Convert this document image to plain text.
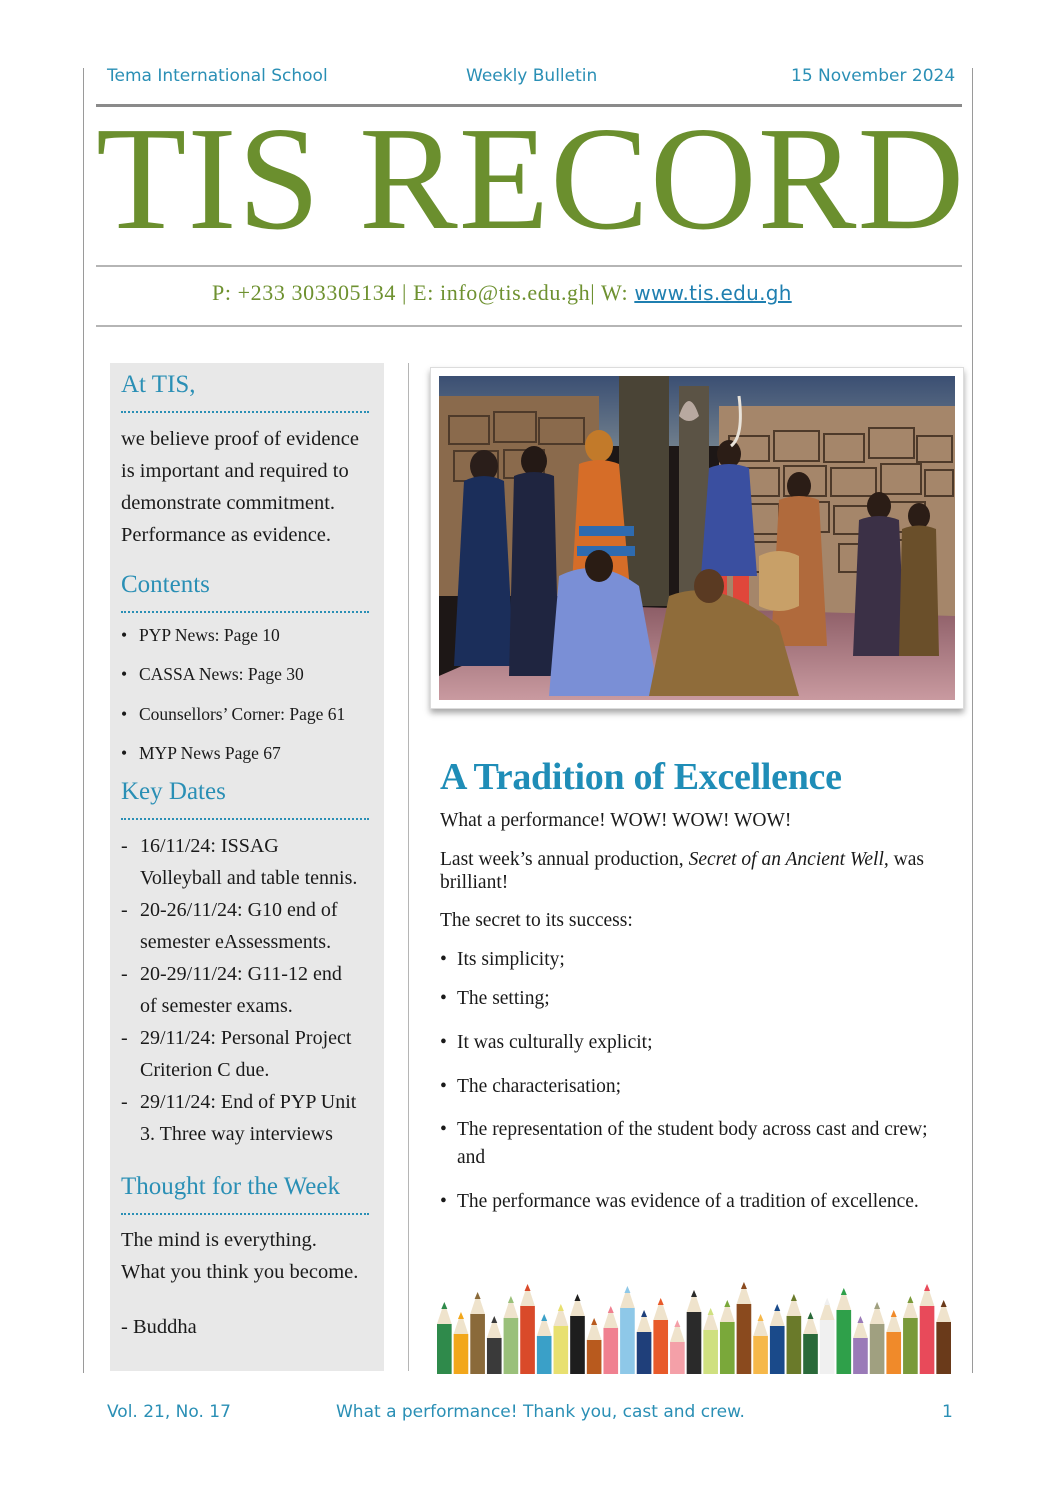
Tema International School	Weekly Bulletin	15 November 2024
TIS RECORD
P: +233 303305134 | E: info@tis.edu.gh| W: www.tis.edu.gh
At TIS,
we believe proof of evidence
is important and required to
demonstrate commitment.
Performance as evidence.
Contents
• PYP News: Page 10
• CASSA News: Page 30
• Counsellors’ Corner: Page 61
• MYP News Page 67
Key Dates
- 16/11/24: ISSAG
Volleyball and table tennis.
- 20-26/11/24: G10 end of
semester eAssessments.
- 20-29/11/24: G11-12 end
of semester exams.
- 29/11/24: Personal Project
Criterion C due.
- 29/11/24: End of PYP Unit
3. Three way interviews
Thought for the Week
The mind is everything.
What you think you become.
- Buddha
A Tradition of Excellence
What a performance! WOW! WOW! WOW!
Last week’s annual production, Secret of an Ancient Well, was brilliant!
The secret to its success:
• Its simplicity;
• The setting;
• It was culturally explicit;
• The characterisation;
• The representation of the student body across cast and crew; and
• The performance was evidence of a tradition of excellence.
Vol. 21, No. 17	What a performance! Thank you, cast and crew.	1
